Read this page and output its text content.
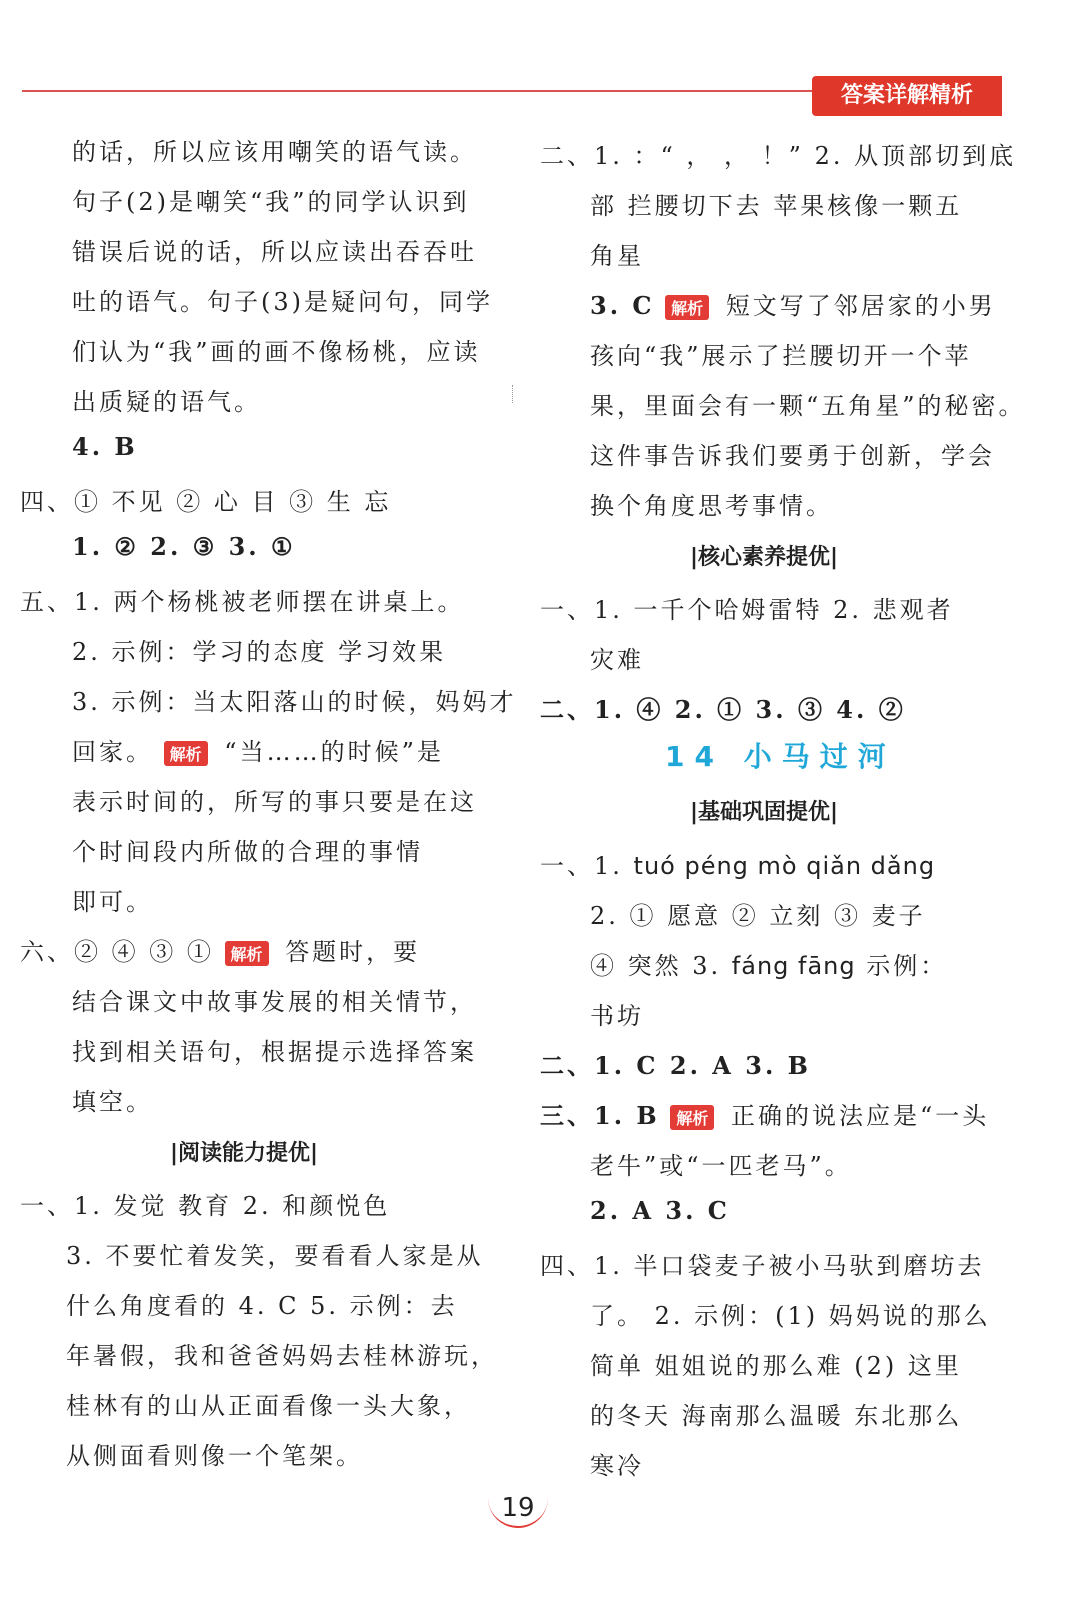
答案详解精析
的话，所以应该用嘲笑的语气读。
句子(2)是嘲笑“我”的同学认识到
错误后说的话，所以应读出吞吞吐
吐的语气。句子(3)是疑问句，同学
们认为“我”画的画不像杨桃，应读
出质疑的语气。
4. B
四、① 不见 ② 心 目 ③ 生 忘
1. ② 2. ③ 3. ①
五、1. 两个杨桃被老师摆在讲桌上。
2. 示例：学习的态度 学习效果
3. 示例：当太阳落山的时候，妈妈才
回家。 解析 “当……的时候”是
表示时间的，所写的事只要是在这
个时间段内所做的合理的事情
即可。
六、② ④ ③ ① 解析 答题时，要
结合课文中故事发展的相关情节，
找到相关语句，根据提示选择答案
填空。
|阅读能力提优|
一、1. 发觉 教育 2. 和颜悦色
3. 不要忙着发笑，要看看人家是从
什么角度看的 4. C 5. 示例：去
年暑假，我和爸爸妈妈去桂林游玩，
桂林有的山从正面看像一头大象，
从侧面看则像一个笔架。
二、1. ：“ ， ， ！” 2. 从顶部切到底
部 拦腰切下去 苹果核像一颗五
角星
3. C 解析 短文写了邻居家的小男
孩向“我”展示了拦腰切开一个苹
果，里面会有一颗“五角星”的秘密。
这件事告诉我们要勇于创新，学会
换个角度思考事情。
|核心素养提优|
一、1. 一千个哈姆雷特 2. 悲观者
灾难
二、1. ④ 2. ① 3. ③ 4. ②
14 小马过河
|基础巩固提优|
一、1. tuó péng mò qiǎn dǎng
2. ① 愿意 ② 立刻 ③ 麦子
④ 突然 3. fáng fāng 示例：
书坊
二、1. C 2. A 3. B
三、1. B 解析 正确的说法应是“一头
老牛”或“一匹老马”。
2. A 3. C
四、1. 半口袋麦子被小马驮到磨坊去
了。 2. 示例：(1) 妈妈说的那么
简单 姐姐说的那么难 (2) 这里
的冬天 海南那么温暖 东北那么
寒冷
19
